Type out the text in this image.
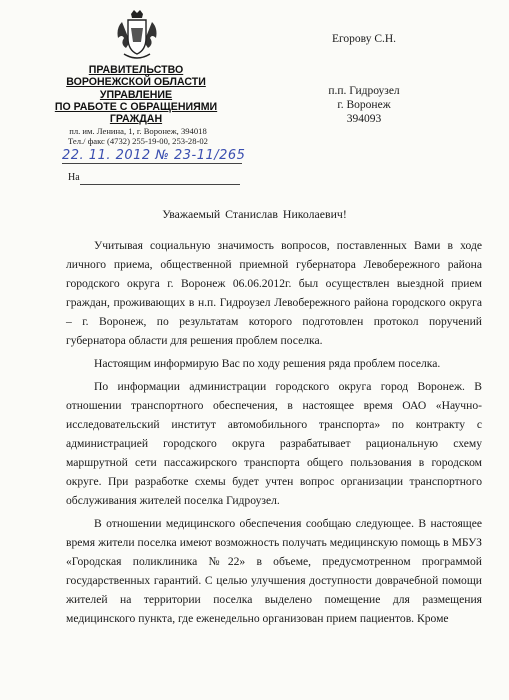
ПРАВИТЕЛЬСТВО
ВОРОНЕЖСКОЙ ОБЛАСТИ
УПРАВЛЕНИЕ
ПО РАБОТЕ С ОБРАЩЕНИЯМИ
ГРАЖДАН
пл. им. Ленина, 1, г. Воронеж, 394018
Тел./ факс (4732) 255-19-00, 253-28-02
22. 11. 2012 № 23-11/265
На
Егорову С.Н.
п.п. Гидроузел
г. Воронеж
394093
Уважаемый Станислав Николаевич!

Учитывая социальную значимость вопросов, поставленных Вами в ходе личного приема, общественной приемной губернатора Левобережного района городского округа г. Воронеж 06.06.2012г. был осуществлен выездной прием граждан, проживающих в н.п. Гидроузел Левобережного района городского округа – г. Воронеж, по результатам которого подготовлен протокол поручений губернатора области для решения проблем поселка.

Настоящим информирую Вас по ходу решения ряда проблем поселка.

По информации администрации городского округа город Воронеж. В отношении транспортного обеспечения, в настоящее время ОАО «Научно-исследовательский институт автомобильного транспорта» по контракту с администрацией городского округа разрабатывает рациональную схему маршрутной сети пассажирского транспорта общего пользования в городском округе. При разработке схемы будет учтен вопрос организации транспортного обслуживания жителей поселка Гидроузел.

В отношении медицинского обеспечения сообщаю следующее. В настоящее время жители поселка имеют возможность получать медицинскую помощь в МБУЗ «Городская поликлиника №22» в объеме, предусмотренном программой государственных гарантий. С целью улучшения доступности доврачебной помощи жителей на территории поселка выделено помещение для размещения медицинского пункта, где еженедельно организован прием пациентов. Кроме
